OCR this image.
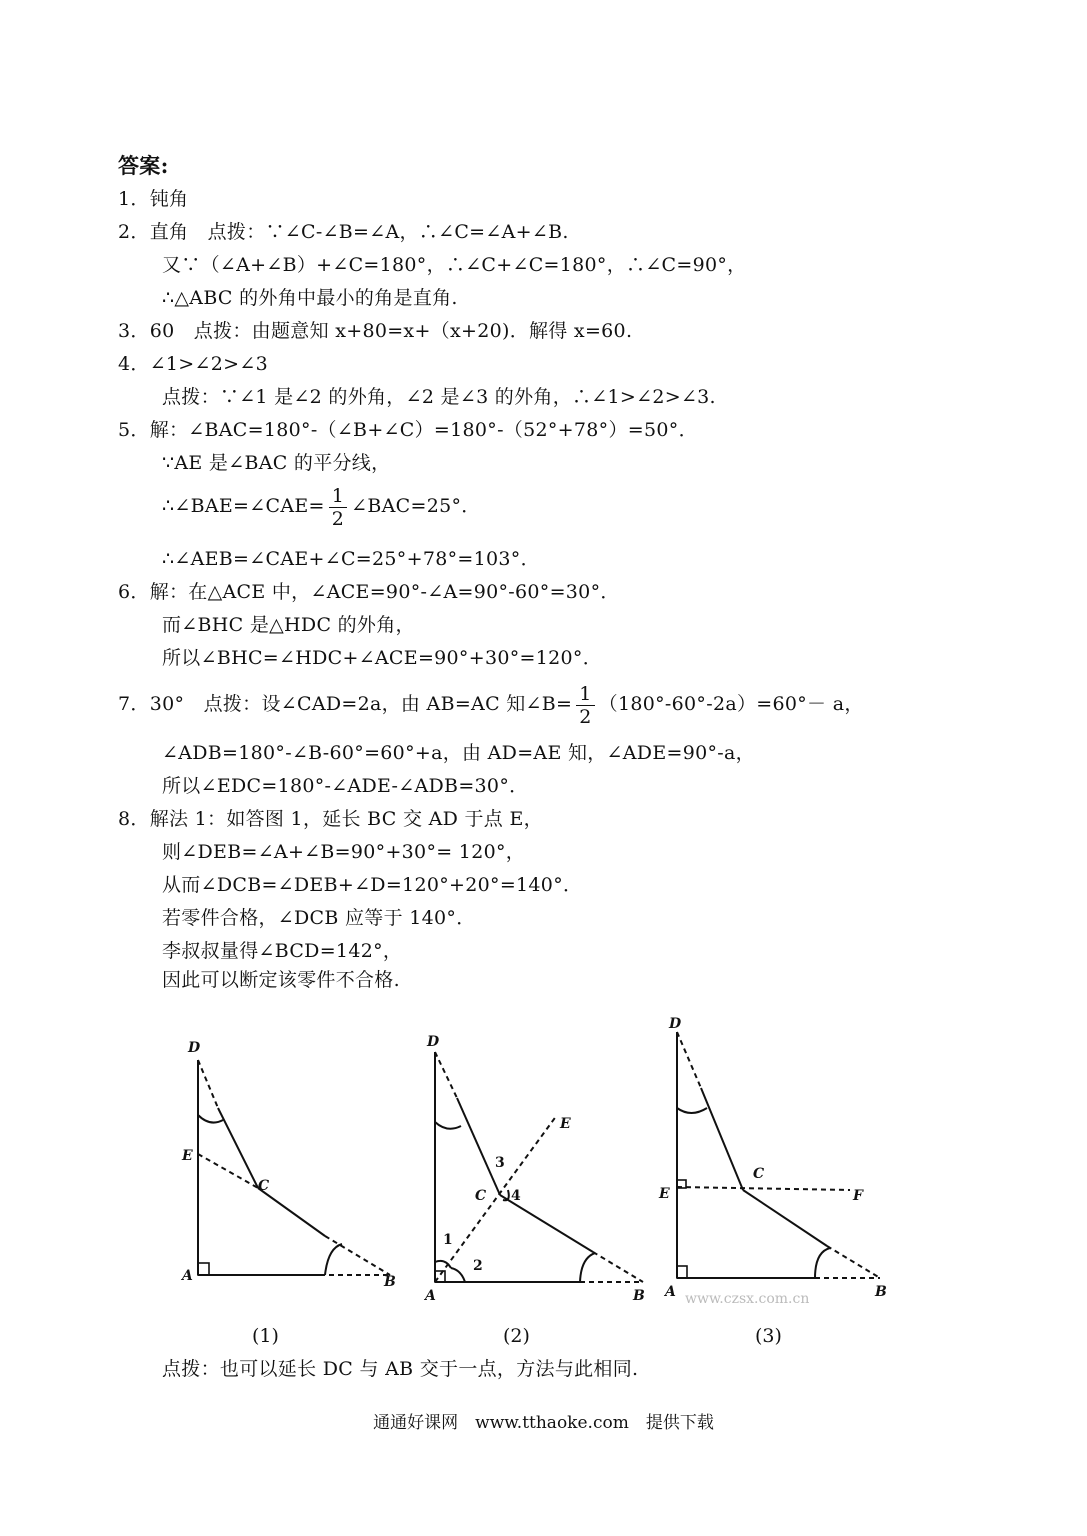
答案:
1．钝角
2．直角　点拨：∵∠C-∠B=∠A，∴∠C=∠A+∠B.
又∵（∠A+∠B）+∠C=180°，∴∠C+∠C=180°，∴∠C=90°，
∴△ABC 的外角中最小的角是直角.
3．60　点拨：由题意知 x+80=x+（x+20)．解得 x=60.
4．∠1>∠2>∠3
点拨：∵∠1 是∠2 的外角，∠2 是∠3 的外角，∴∠1>∠2>∠3.
5．解：∠BAC=180°-（∠B+∠C）=180°-（52°+78°）=50°．
∵AE 是∠BAC 的平分线，
∴∠BAE=∠CAE= $\frac{1}{2}$ ∠BAC=25°．
∴∠AEB=∠CAE+∠C=25°+78°=103°．
6．解：在△ACE 中，∠ACE=90°-∠A=90°-60°=30°．
而∠BHC 是△HDC 的外角，
所以∠BHC=∠HDC+∠ACE=90°+30°=120°．
7．30°　点拨：设∠CAD=2a，由 AB=AC 知∠B= $\frac{1}{2} (180^\circ-60^\circ-2a)=60^\circ- a$，
∠ADB=180°-∠B-60°=60°+a，由 AD=AE 知，∠ADE=90°-a，
所以∠EDC=180°-∠ADE-∠ADB=30°．
8．解法 1：如答图 1，延长 BC 交 AD 于点 E，
则∠DEB=∠A+∠B=90°+30°= 120°，
从而∠DCB=∠DEB+∠D=120°+20°=140°．
若零件合格，∠DCB 应等于 140°．
李叔叔量得∠BCD=142°，
因此可以断定该零件不合格.
D
E
C
A	B
D
E
C
A	B
1
2
3
4
D
E
C
F
A	B
www.czsx.com.cn
(1)	(2)	(3)
点拨：也可以延长 DC 与 AB 交于一点，方法与此相同.
通通好课网　www.tthaoke.com　提供下载
